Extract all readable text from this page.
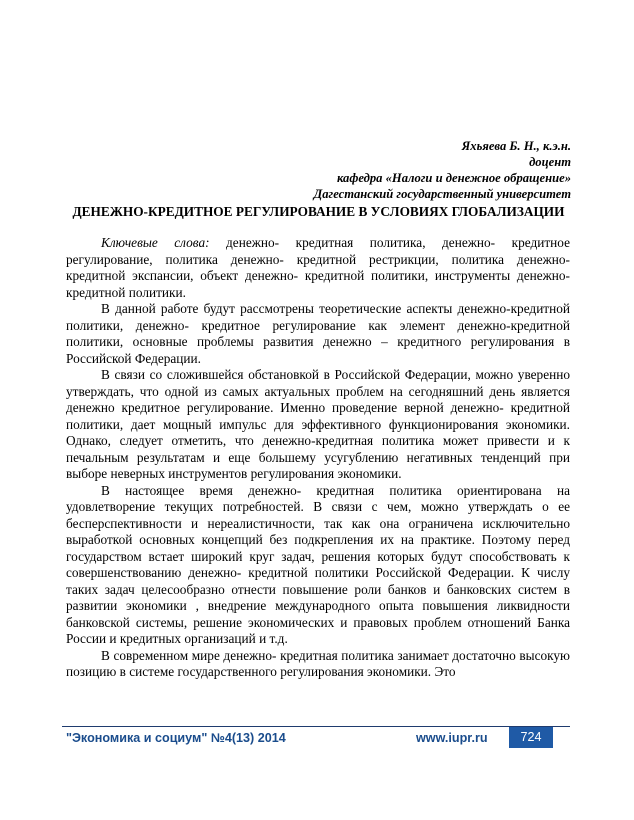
Яхьяева Б. Н., к.э.н.
доцент
кафедра «Налоги и денежное обращение»
Дагестанский государственный университет
ДЕНЕЖНО-КРЕДИТНОЕ РЕГУЛИРОВАНИЕ В УСЛОВИЯХ ГЛОБАЛИЗАЦИИ

Ключевые слова: денежно- кредитная политика, денежно- кредитное регулирование, политика денежно- кредитной рестрикции, политика денежно-кредитной экспансии, объект денежно- кредитной политики, инструменты денежно- кредитной политики.

В данной работе будут рассмотрены теоретические аспекты денежно-кредитной политики, денежно- кредитное регулирование как элемент денежно-кредитной политики, основные проблемы развития денежно – кредитного регулирования в Российской Федерации.

В связи со сложившейся обстановкой в Российской Федерации, можно уверенно утверждать, что одной из самых актуальных проблем на сегодняшний день является денежно кредитное регулирование. Именно проведение верной денежно- кредитной политики, дает мощный импульс для эффективного функционирования экономики. Однако, следует отметить, что денежно-кредитная политика может привести и к печальным результатам и еще большему усугублению негативных тенденций при выборе неверных инструментов регулирования экономики.

В настоящее время денежно- кредитная политика ориентирована на удовлетворение текущих потребностей. В связи с чем, можно утверждать о ее бесперспективности и нереалистичности, так как она ограничена исключительно выработкой основных концепций без подкрепления их на практике. Поэтому перед государством встает широкий круг задач, решения которых будут способствовать к совершенствованию денежно- кредитной политики Российской Федерации. К числу таких задач целесообразно отнести повышение роли банков и банковских систем в развитии экономики , внедрение международного опыта повышения ликвидности банковской системы, решение экономических и правовых проблем отношений Банка России и кредитных организаций и т.д.

В современном мире денежно- кредитная политика занимает достаточно высокую позицию в системе государственного регулирования экономики. Это

"Экономика и социум" №4(13) 2014	www.iupr.ru	724
